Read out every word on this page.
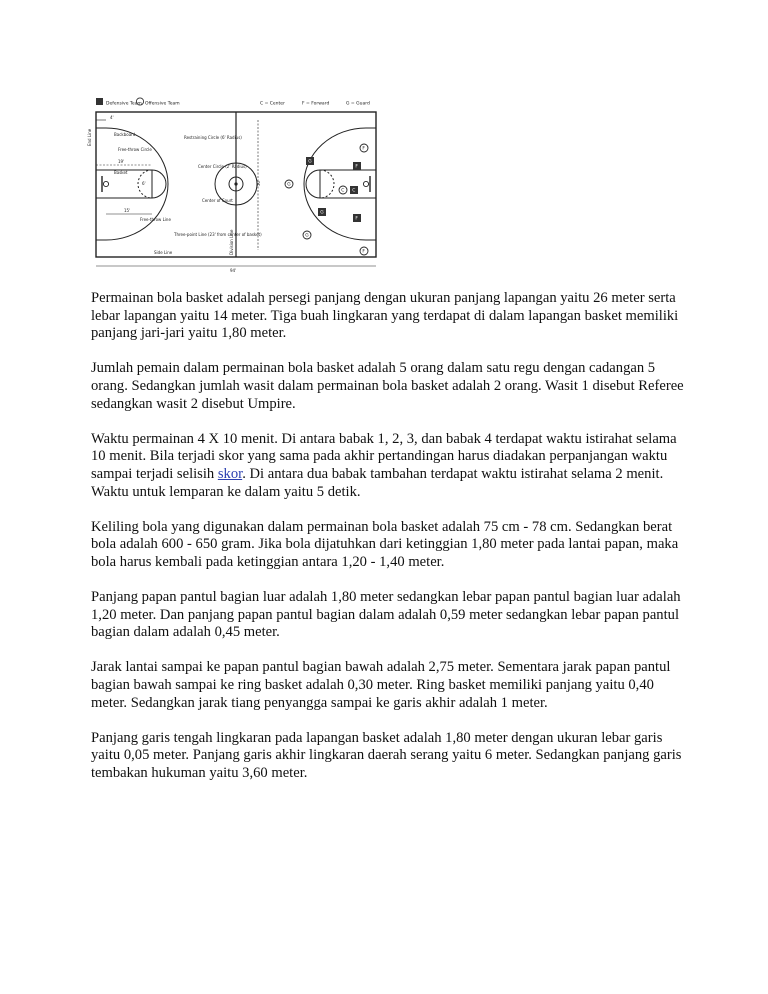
Defensive Team Offensive Team	C = Center	F = Forward	G = Guard
End Line
4'
Backboard
Free-throw Circle
19'
Basket
6'
15'
Free-throw Line
Three-point Line (23' from center of basket)
Side Line
Restraining Circle (6' Radius)
Center Circle (2' Radius)
Center of Court
Division Line
50'
94'
F
G
C
G
F
G
F
C
G
F

Permainan bola basket adalah persegi panjang dengan ukuran panjang lapangan yaitu 26 meter serta lebar lapangan yaitu 14 meter. Tiga buah lingkaran yang terdapat di dalam lapangan basket memiliki panjang jari-jari yaitu 1,80 meter.

Jumlah pemain dalam permainan bola basket adalah 5 orang dalam satu regu dengan cadangan 5 orang. Sedangkan jumlah wasit dalam permainan bola basket adalah 2 orang. Wasit 1 disebut Referee sedangkan wasit 2 disebut Umpire.

Waktu permainan 4 X 10 menit. Di antara babak 1, 2, 3, dan babak 4 terdapat waktu istirahat selama 10 menit. Bila terjadi skor yang sama pada akhir pertandingan harus diadakan perpanjangan waktu sampai terjadi selisih skor. Di antara dua babak tambahan terdapat waktu istirahat selama 2 menit. Waktu untuk lemparan ke dalam yaitu 5 detik.

Keliling bola yang digunakan dalam permainan bola basket adalah 75 cm - 78 cm. Sedangkan berat bola adalah 600 - 650 gram. Jika bola dijatuhkan dari ketinggian 1,80 meter pada lantai papan, maka bola harus kembali pada ketinggian antara 1,20 - 1,40 meter.

Panjang papan pantul bagian luar adalah 1,80 meter sedangkan lebar papan pantul bagian luar adalah 1,20 meter. Dan panjang papan pantul bagian dalam adalah 0,59 meter sedangkan lebar papan pantul bagian dalam adalah 0,45 meter.

Jarak lantai sampai ke papan pantul bagian bawah adalah 2,75 meter. Sementara jarak papan pantul bagian bawah sampai ke ring basket adalah 0,30 meter. Ring basket memiliki panjang yaitu 0,40 meter. Sedangkan jarak tiang penyangga sampai ke garis akhir adalah 1 meter.

Panjang garis tengah lingkaran pada lapangan basket adalah 1,80 meter dengan ukuran lebar garis yaitu 0,05 meter. Panjang garis akhir lingkaran daerah serang yaitu 6 meter. Sedangkan panjang garis tembakan hukuman yaitu 3,60 meter.
